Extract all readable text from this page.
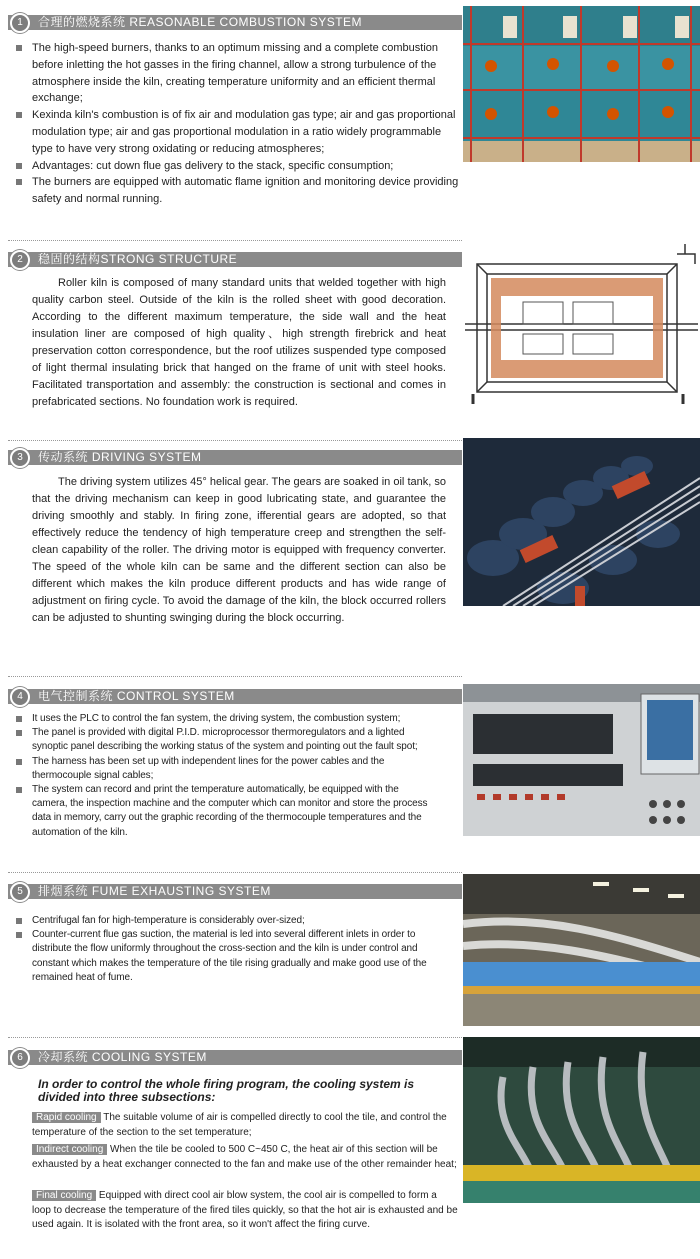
1	合理的燃烧系统 REASONABLE COMBUSTION SYSTEM
The high-speed burners, thanks to an optimum missing and a complete combustion before inletting the hot gasses in the firing channel, allow a strong turbulence of the atmosphere inside the kiln, creating temperature uniformity and an efficient thermal exchange;
Kexinda kiln's combustion is of fix air and modulation gas type; air and gas proportional modulation type; air and gas proportional modulation in a ratio widely programmable type to have very strong oxidating or reducing atmospheres;
Advantages: cut down flue gas delivery to the stack, specific consumption;
The burners are equipped with automatic flame ignition and monitoring device providing safety and normal running.
2	稳固的结构STRONG STRUCTURE

Roller kiln is composed of many standard units that welded together with high quality carbon steel. Outside of the kiln is the rolled sheet with good decoration. According to the different maximum temperature, the side wall and the heat insulation liner are composed of high quality、high strength firebrick and heat preservation cotton correspondence, but the roof utilizes suspended type composed of light thermal insulating brick that hanged on the frame of unit with steel hooks. Facilitated transportation and assembly: the construction is sectional and comes in prefabricated sections. No foundation work is required.

3	传动系统 DRIVING SYSTEM

The driving system utilizes 45° helical gear. The gears are soaked in oil tank, so that the driving mechanism can keep in good lubricating state, and guarantee the driving smoothly and stably. In firing zone, ifferential gears are adopted, so that effectively reduce the tendency of high temperature creep and strengthen the self-clean capability of the roller. The driving motor is equipped with frequency converter. The speed of the whole kiln can be same and the different section can also be different which makes the kiln produce different products and has wide range of adjustment on firing cycle. To avoid the damage of the kiln, the block occurred rollers can be adjusted to shunting swinging during the block occurring.

4	电气控制系统 CONTROL SYSTEM
It uses the PLC to control the fan system, the driving system, the combustion system;
The panel is provided with digital P.I.D. microprocessor thermoregulators and a lighted synoptic panel describing the working status of the system and pointing out the fault spot;
The harness has been set up with independent lines for the power cables and the thermocouple signal cables;
The system can record and print the temperature automatically, be equipped with the camera, the inspection machine and the computer which can monitor and store the process data in memory, carry out the graphic recording of the thermocouple temperatures and the automation of the kiln.
5	排烟系统 FUME EXHAUSTING SYSTEM
Centrifugal fan for high-temperature is considerably over-sized;
Counter-current flue gas suction, the material is led into several different inlets in order to distribute the flow uniformly throughout the cross-section and the kiln is under control and constant which makes the temperature of the tile rising gradually and make good use of the remained heat of fume.
6	冷却系统 COOLING SYSTEM

In order to control the whole firing program, the cooling system is divided into three subsections:

Rapid cooling The suitable volume of air is compelled directly to cool the tile, and control the temperature of the section to the set temperature;
Indirect cooling When the tile be cooled to 500 C~450 C, the heat air of this section will be exhausted by a heat exchanger connected to the fan and make use of the other remainder heat;
Final cooling Equipped with direct cool air blow system, the cool air is compelled to form a loop to decrease the temperature of the fired tiles quickly, so that the hot air is exhausted and be used again. It is isolated with the front area, so it won't affect the firing curve.
